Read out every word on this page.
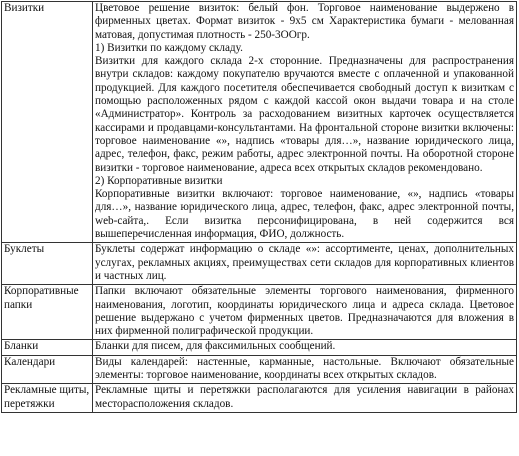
Визитки	Цветовое решение визиток: белый фон. Торговое наименование выдержено в фирменных цветах. Формат визиток - 9х5 см Характеристика бумаги - мелованная матовая, допустимая плотность - 250-3ООгр.

1) Визитки по каждому складу.

Визитки для каждого склада 2-х сторонние. Предназначены для распространения внутри складов: каждому покупателю вручаются вместе с оплаченной и упакованной продукцией. Для каждого посетителя обеспечивается свободный доступ к визиткам с помощью расположенных рядом с каждой кассой окон выдачи товара и на столе «Администратор». Контроль за расходованием визитных карточек осуществляется кассирами и продавцами-консультантами. На фронтальной стороне визитки включены: торговое наименование «», надпись «товары для…», название юридического лица, адрес, телефон, факс, режим работы, адрес электронной почты. На оборотной стороне визитки - торговое наименование, адреса всех открытых складов рекомендовано.

2) Корпоративные визитки

Корпоративные визитки включают: торговое наименование, «», надпись «товары для…», название юридического лица, адрес, телефон, факс, адрес электронной почты, web-сайта,. Если визитка персонифицирована, в ней содержится вся вышеперечисленная информация, ФИО, должность.

Буклеты	Буклеты содержат информацию о складе «»: ассортименте, ценах, дополнительных услугах, рекламных акциях, преимуществах сети складов для корпоративных клиентов и частных лиц.

Корпоративные папки	Папки включают обязательные элементы торгового наименования, фирменного наименования, логотип, координаты юридического лица и адреса склада. Цветовое решение выдержано с учетом фирменных цветов. Предназначаются для вложения в них фирменной полиграфической продукции.

Бланки	Бланки для писем, для факсимильных сообщений.

Календари	Виды календарей: настенные, карманные, настольные. Включают обязательные элементы: торговое наименование, координаты всех открытых складов.

Рекламные щиты, перетяжки	Рекламные щиты и перетяжки располагаются для усиления навигации в районах месторасположения складов.
